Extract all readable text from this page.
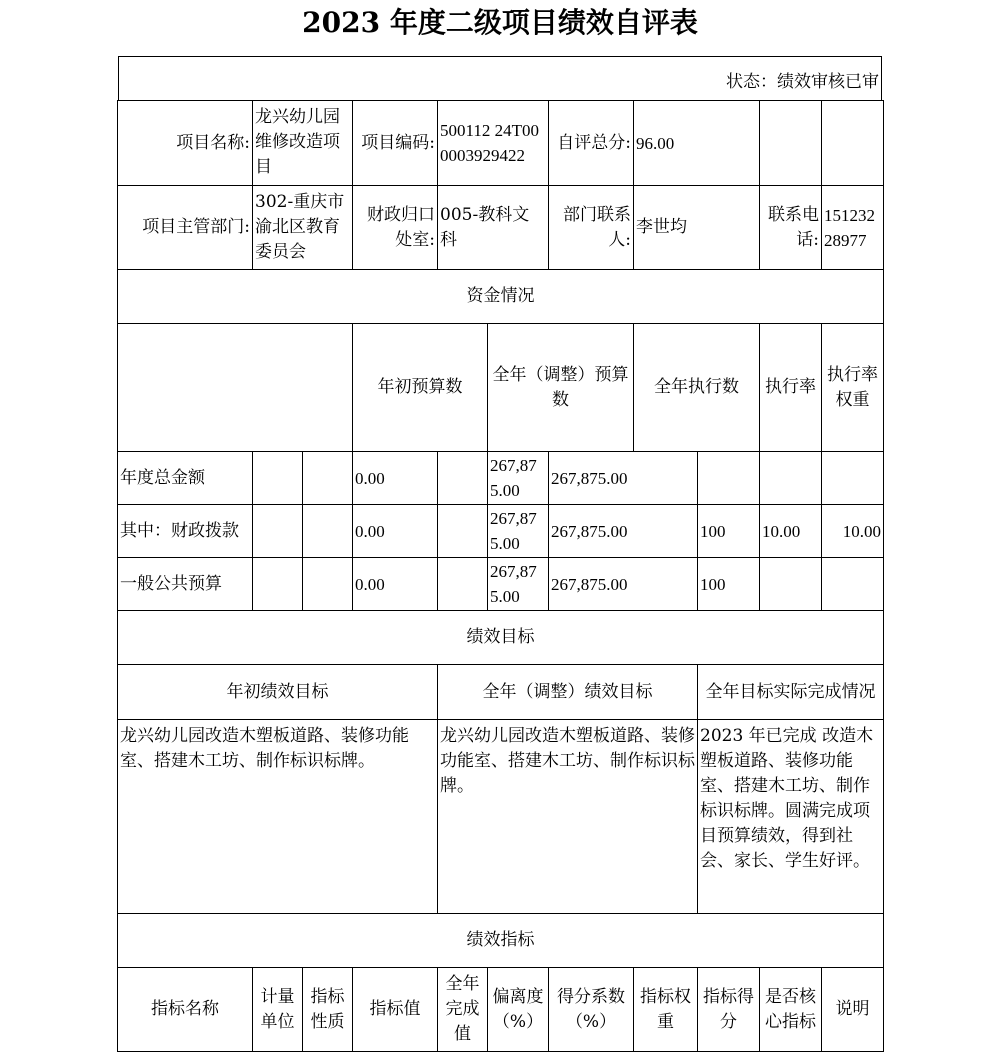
2023 年度二级项目绩效自评表
状态：绩效审核已审
项目名称:	龙兴幼儿园维修改造项目		项目编码:	500112 24T000003929422		自评总分:	96.00				
项目主管部门:	302-重庆市渝北区教育委员会		财政归口处室:	005-教科文科		部门联系人:	李世均		联系电话:	15123228977	
资金情况											
			年初预算数		全年（调整）预算数		全年执行数		执行率	执行率权重	
年度总金额			0.00		267,875.00	267,875.00					
其中：财政拨款			0.00		267,875.00	267,875.00		100	10.00	10.00	
一般公共预算			0.00		267,875.00	267,875.00		100			
绩效目标											
年初绩效目标				全年（调整）绩效目标				全年目标实际完成情况			
龙兴幼儿园改造木塑板道路、装修功能室、搭建木工坊、制作标识标牌。				龙兴幼儿园改造木塑板道路、装修功能室、搭建木工坊、制作标识标牌。				2023 年已完成 改造木塑板道路、装修功能室、搭建木工坊、制作标识标牌。圆满完成项目预算绩效，得到社会、家长、学生好评。			
绩效指标											
指标名称	计量单位	指标性质	指标值	全年完成值	偏离度（%）	得分系数（%）	指标权重	指标得分	是否核心指标	说明	
